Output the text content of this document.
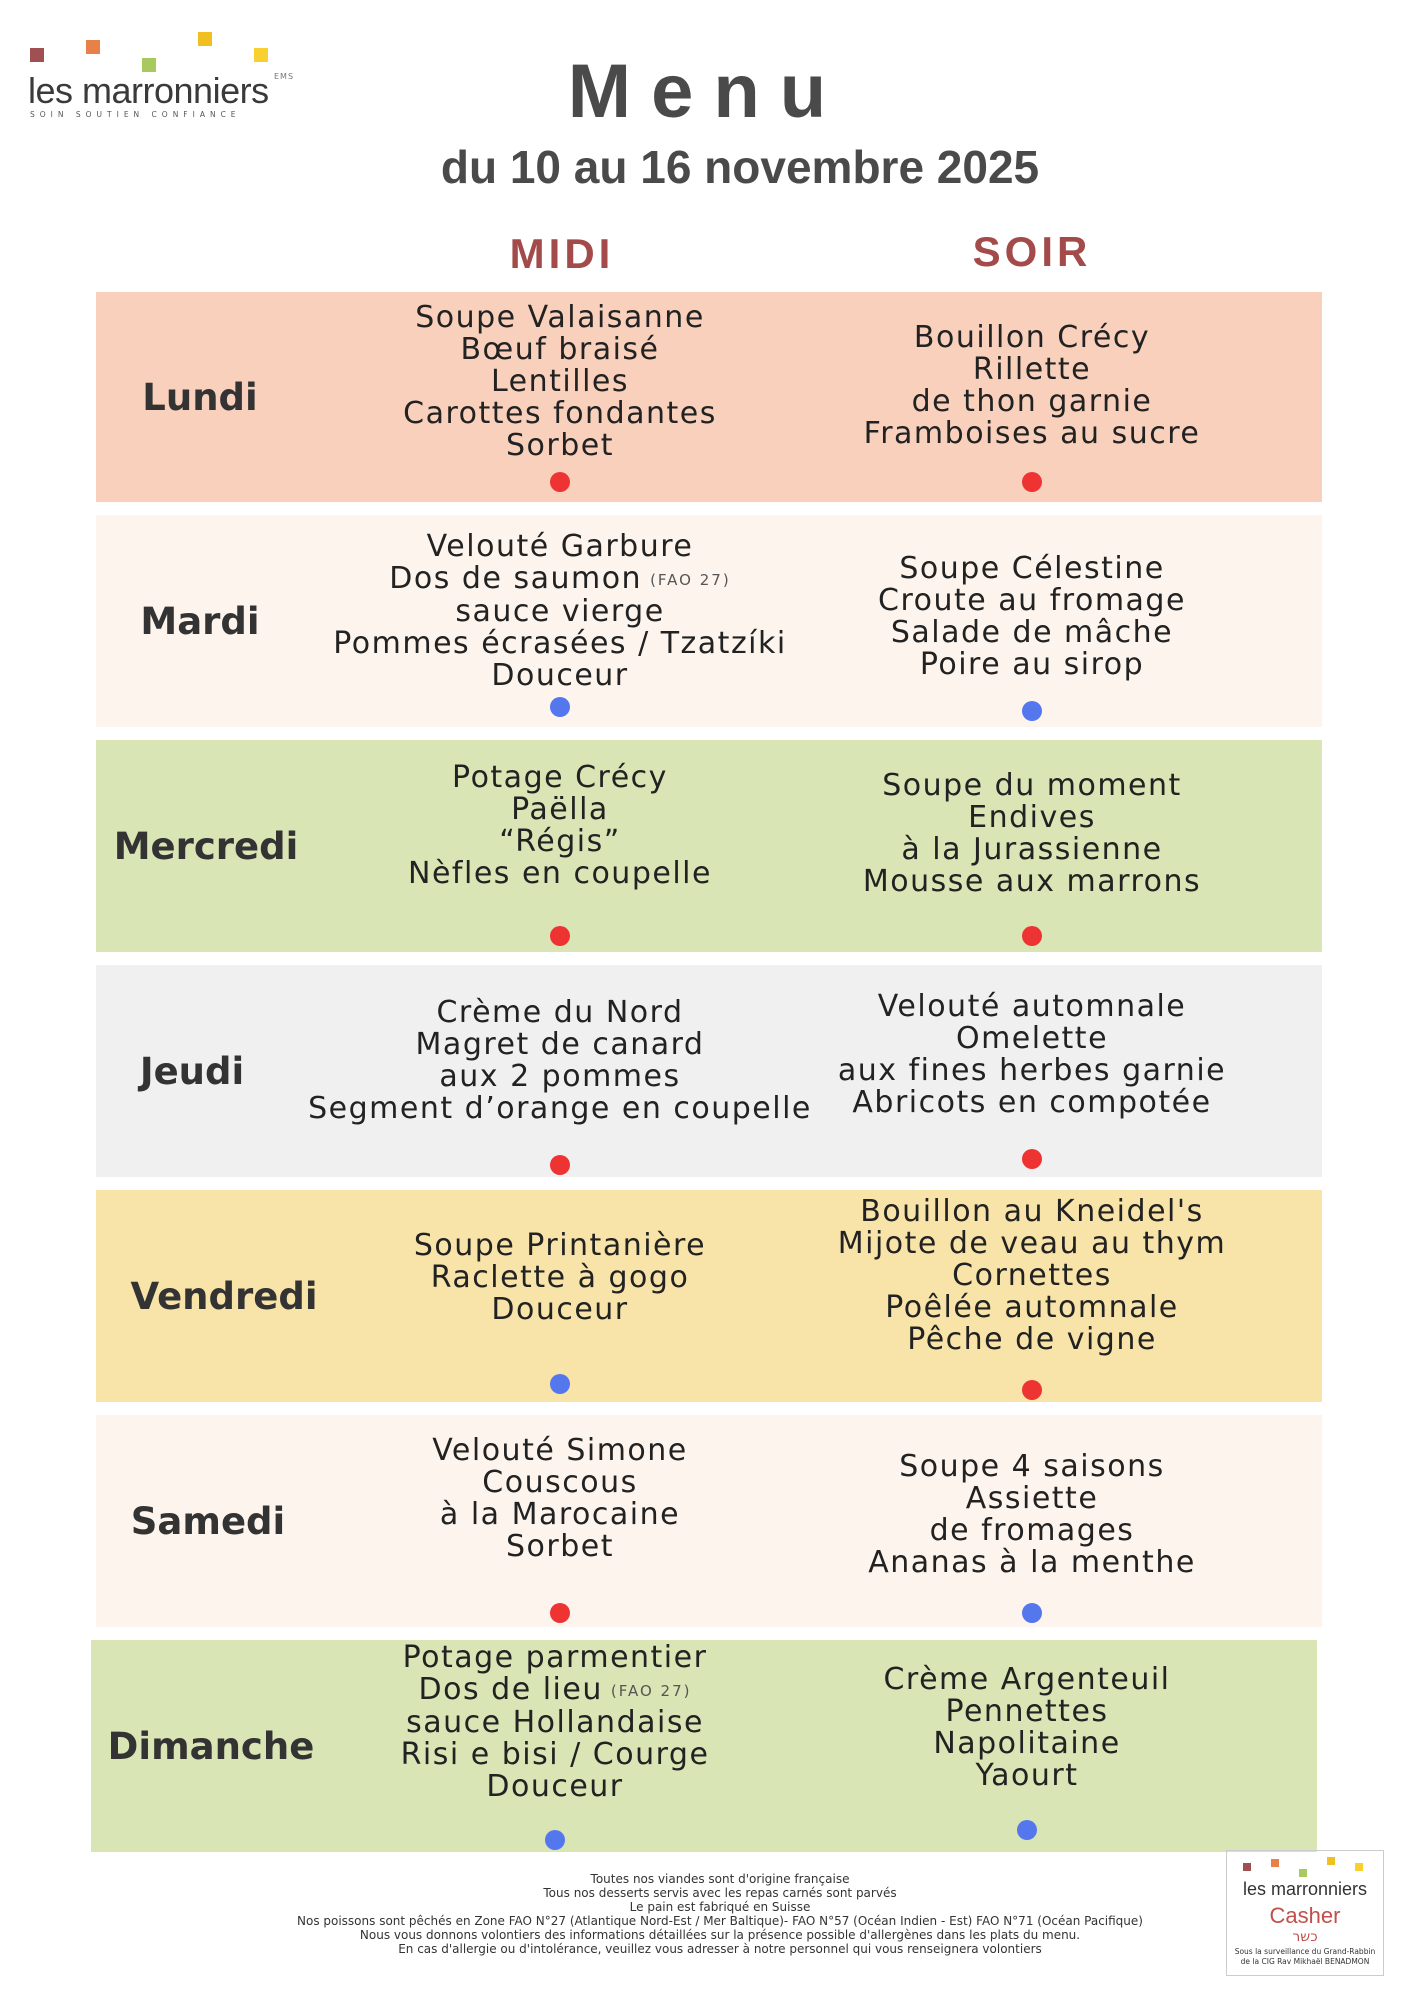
les marronniers EMS
SOIN SOUTIEN CONFIANCE	Menu
du 10 au 16 novembre 2025
MIDI	SOIR
Lundi
Soupe Valaisanne
Bœuf braisé
Lentilles
Carottes fondantes
Sorbet
Bouillon Crécy
Rillette
de thon garnie
Framboises au sucre
Mardi
Velouté Garbure
Dos de saumon (FAO 27)
sauce vierge
Pommes écrasées / Tzatzíki
Douceur
Soupe Célestine
Croute au fromage
Salade de mâche
Poire au sirop
Mercredi
Potage Crécy
Paëlla
“Régis”
Nèfles en coupelle
Soupe du moment
Endives
à la Jurassienne
Mousse aux marrons
Jeudi
Crème du Nord
Magret de canard
aux 2 pommes
Segment d’orange en coupelle
Velouté automnale
Omelette
aux fines herbes garnie
Abricots en compotée
Vendredi
Soupe Printanière
Raclette à gogo
Douceur
Bouillon au Kneidel's
Mijote de veau au thym
Cornettes
Poêlée automnale
Pêche de vigne
Samedi
Velouté Simone
Couscous
à la Marocaine
Sorbet
Soupe 4 saisons
Assiette
de fromages
Ananas à la menthe
Dimanche
Potage parmentier
Dos de lieu (FAO 27)
sauce Hollandaise
Risi e bisi / Courge
Douceur
Crème Argenteuil
Pennettes
Napolitaine
Yaourt
Toutes nos viandes sont d'origine française
Tous nos desserts servis avec les repas carnés sont parvés
Le pain est fabriqué en Suisse
Nos poissons sont pêchés en Zone FAO N°27 (Atlantique Nord-Est / Mer Baltique)- FAO N°57 (Océan Indien - Est) FAO N°71 (Océan Pacifique)
Nous vous donnons volontiers des informations détaillées sur la présence possible d'allergènes dans les plats du menu.
En cas d'allergie ou d'intolérance, veuillez vous adresser à notre personnel qui vous renseignera volontiers
les marronniers
Casher
כשר
Sous la surveillance du Grand-Rabbin
de la CIG Rav Mikhaël BENADMON
